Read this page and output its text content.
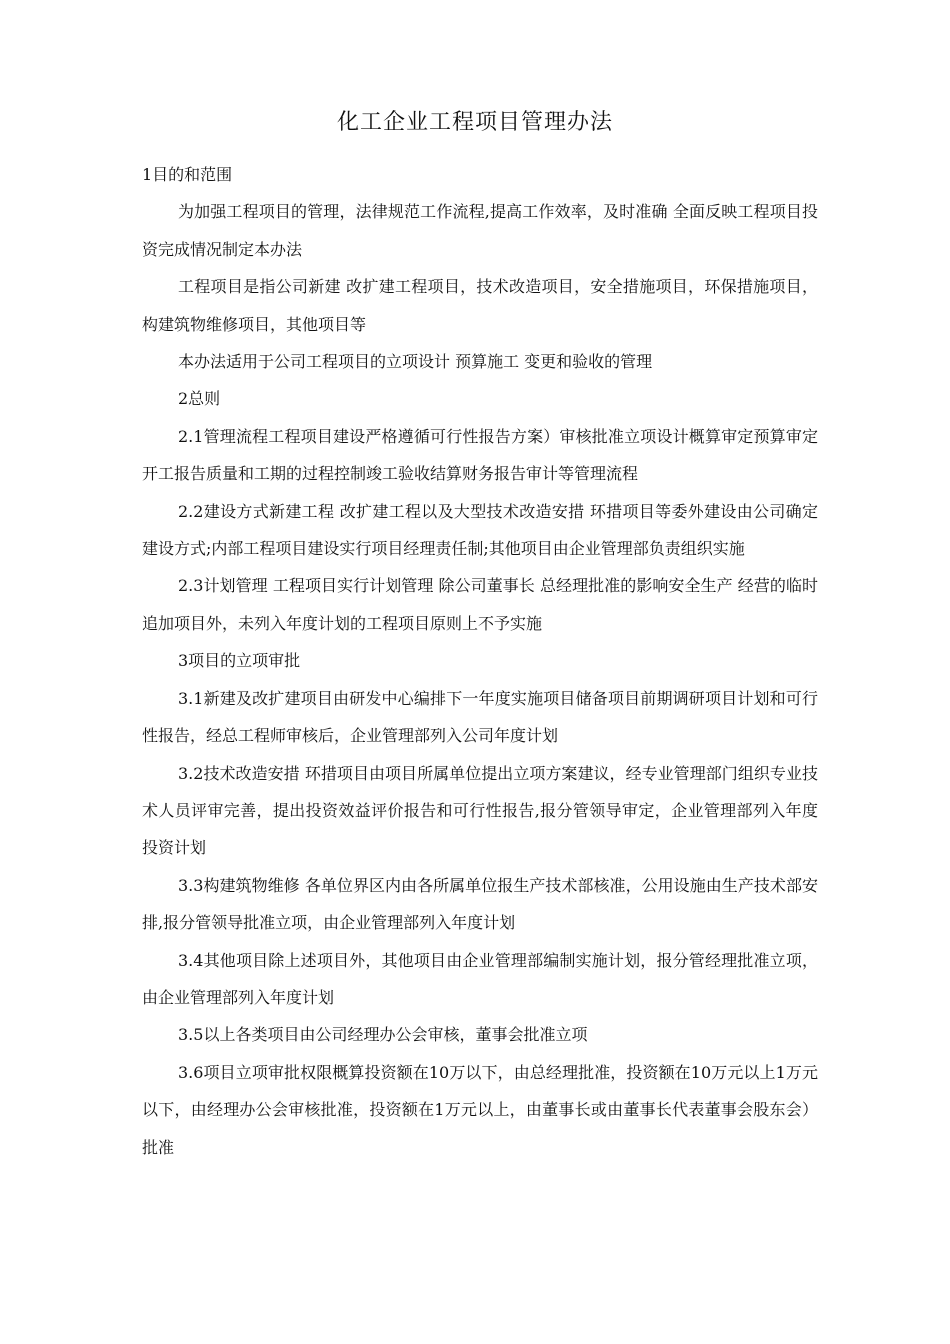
化工企业工程项目管理办法

1目的和范围

为加强工程项目的管理，法律规范工作流程,提高工作效率，及时准确 全面反映工程项目投资完成情况制定本办法

工程项目是指公司新建 改扩建工程项目，技术改造项目，安全措施项目，环保措施项目，构建筑物维修项目，其他项目等

本办法适用于公司工程项目的立项设计 预算施工 变更和验收的管理

2总则

2.1管理流程工程项目建设严格遵循可行性报告方案）审核批准立项设计概算审定预算审定开工报告质量和工期的过程控制竣工验收结算财务报告审计等管理流程

2.2建设方式新建工程 改扩建工程以及大型技术改造安措 环措项目等委外建设由公司确定建设方式;内部工程项目建设实行项目经理责任制;其他项目由企业管理部负责组织实施

2.3计划管理 工程项目实行计划管理 除公司董事长 总经理批准的影响安全生产 经营的临时追加项目外，未列入年度计划的工程项目原则上不予实施

3项目的立项审批

3.1新建及改扩建项目由研发中心编排下一年度实施项目储备项目前期调研项目计划和可行性报告，经总工程师审核后，企业管理部列入公司年度计划

3.2技术改造安措 环措项目由项目所属单位提出立项方案建议，经专业管理部门组织专业技术人员评审完善，提出投资效益评价报告和可行性报告,报分管领导审定，企业管理部列入年度投资计划

3.3构建筑物维修 各单位界区内由各所属单位报生产技术部核准，公用设施由生产技术部安排,报分管领导批准立项，由企业管理部列入年度计划

3.4其他项目除上述项目外，其他项目由企业管理部编制实施计划，报分管经理批准立项，由企业管理部列入年度计划

3.5以上各类项目由公司经理办公会审核，董事会批准立项

3.6项目立项审批权限概算投资额在10万以下，由总经理批准，投资额在10万元以上1万元以下，由经理办公会审核批准，投资额在1万元以上，由董事长或由董事长代表董事会股东会）批准
